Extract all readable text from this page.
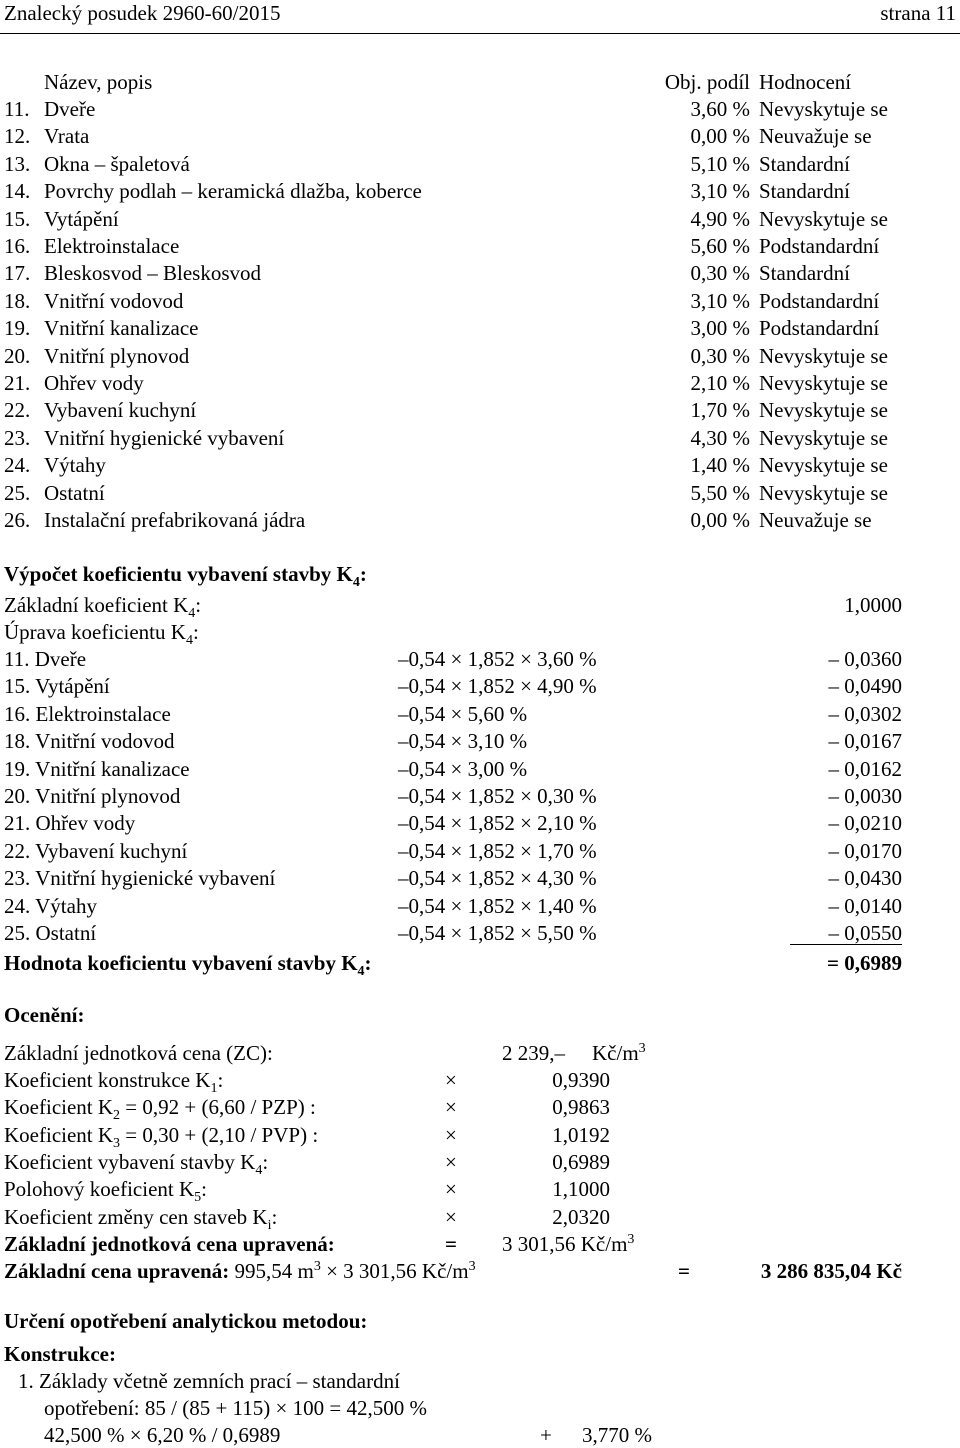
Znalecký posudek 2960-60/2015	strana 11
Název, popis	Obj. podíl Hodnocení
11. Dveře	3,60 % Nevyskytuje se
12. Vrata	0,00 % Neuvažuje se
13. Okna – špaletová	5,10 % Standardní
14. Povrchy podlah – keramická dlažba, koberce	3,10 % Standardní
15. Vytápění	4,90 % Nevyskytuje se
16. Elektroinstalace	5,60 % Podstandardní
17. Bleskosvod – Bleskosvod	0,30 % Standardní
18. Vnitřní vodovod	3,10 % Podstandardní
19. Vnitřní kanalizace	3,00 % Podstandardní
20. Vnitřní plynovod	0,30 % Nevyskytuje se
21. Ohřev vody	2,10 % Nevyskytuje se
22. Vybavení kuchyní	1,70 % Nevyskytuje se
23. Vnitřní hygienické vybavení	4,30 % Nevyskytuje se
24. Výtahy	1,40 % Nevyskytuje se
25. Ostatní	5,50 % Nevyskytuje se
26. Instalační prefabrikovaná jádra	0,00 % Neuvažuje se
Výpočet koeficientu vybavení stavby $K_4$:
Základní koeficient $K_4$:	1,0000
Úprava koeficientu $K_4$:
11. Dveře	–0,54 × 1,852 × 3,60 %	– 0,0360
15. Vytápění	–0,54 × 1,852 × 4,90 %	– 0,0490
16. Elektroinstalace	–0,54 × 5,60 %	– 0,0302
18. Vnitřní vodovod	–0,54 × 3,10 %	– 0,0167
19. Vnitřní kanalizace	–0,54 × 3,00 %	– 0,0162
20. Vnitřní plynovod	–0,54 × 1,852 × 0,30 %	– 0,0030
21. Ohřev vody	–0,54 × 1,852 × 2,10 %	– 0,0210
22. Vybavení kuchyní	–0,54 × 1,852 × 1,70 %	– 0,0170
23. Vnitřní hygienické vybavení	–0,54 × 1,852 × 4,30 %	– 0,0430
24. Výtahy	–0,54 × 1,852 × 1,40 %	– 0,0140
25. Ostatní	–0,54 × 1,852 × 5,50 %	– 0,0550
Hodnota koeficientu vybavení stavby $K_4$:	= 0,6989
Ocenění:
Základní jednotková cena (ZC):	2 239,– $Kč/m^3$
Koeficient konstrukce $K_1$:	×	0,9390
Koeficient $K_2 = 0,92 + (6,60 / PZP)$ :	×	0,9863
Koeficient $K_3 = 0,30 + (2,10 / PVP)$ :	×	1,0192
Koeficient vybavení stavby $K_4$:	×	0,6989
Polohový koeficient $K_5$:	×	1,1000
Koeficient změny cen staveb $K_i$:	×	2,0320
Základní jednotková cena upravená:	= 3 301,56 $Kč/m^3$
Základní cena upravená: 995,54 $m^3 \times 3$ 301,56 $Kč/m^3$	=	3 286 835,04 Kč
Určení opotřebení analytickou metodou:
Konstrukce:
1. Základy včetně zemních prací – standardní
opotřebení: 85 / (85 + 115) × 100 = 42,500 %
42,500 % × 6,20 % / 0,6989	+ 3,770 %
